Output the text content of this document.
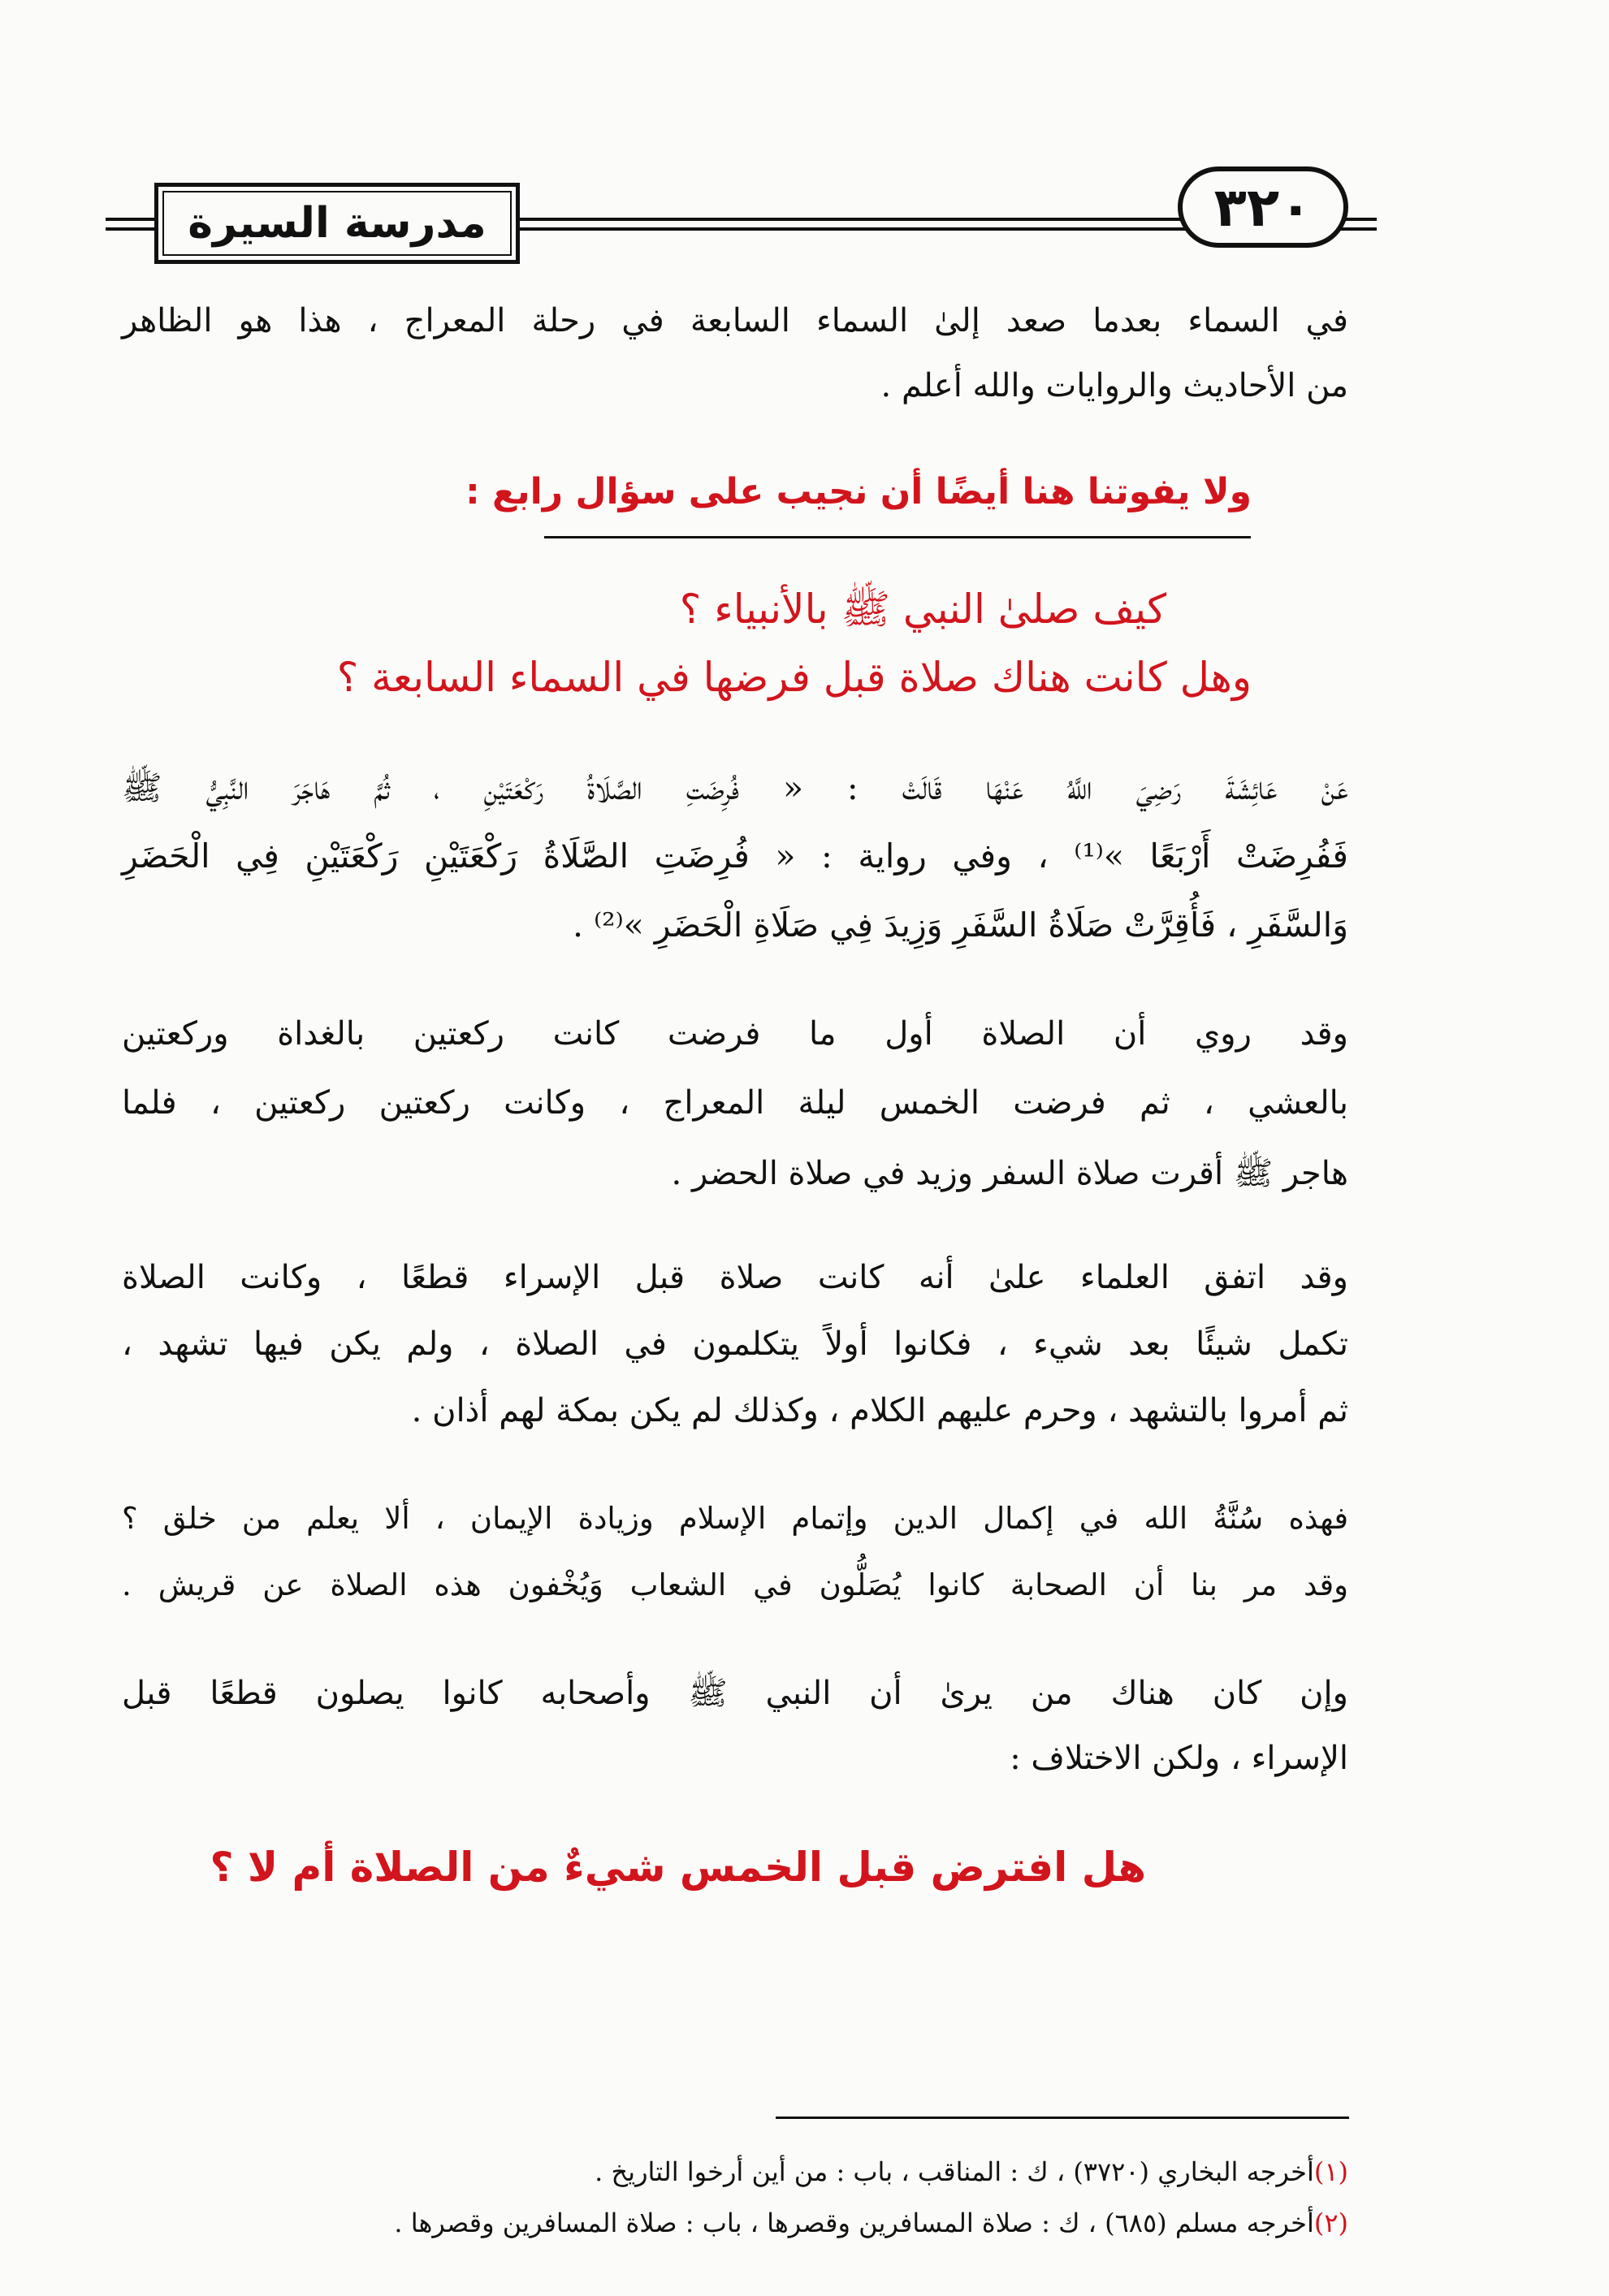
مدرسة السيرة	٣٢٠

في السماء بعدما صعد إلىٰ السماء السابعة في رحلة المعراج ، هذا هو الظاهر

من الأحاديث والروايات والله أعلم .

ولا يفوتنا هنا أيضًا أن نجيب على سؤال رابع :

كيف صلىٰ النبي ﷺ بالأنبياء ؟

وهل كانت هناك صلاة قبل فرضها في السماء السابعة ؟

عَنْ عَائِشَةَ رَضِيَ اللَّهُ عَنْهَا قَالَتْ : « فُرِضَتِ الصَّلَاةُ رَكْعَتَيْنِ ، ثُمَّ هَاجَرَ النَّبِيُّ ﷺ

فَفُرِضَتْ أَرْبَعًا »⁽¹⁾ ، وفي رواية : « فُرِضَتِ الصَّلَاةُ رَكْعَتَيْنِ رَكْعَتَيْنِ فِي الْحَضَرِ

وَالسَّفَرِ ، فَأُقِرَّتْ صَلَاةُ السَّفَرِ وَزِيدَ فِي صَلَاةِ الْحَضَرِ »⁽²⁾ .

وقد روي أن الصلاة أول ما فرضت كانت ركعتين بالغداة وركعتين

بالعشي ، ثم فرضت الخمس ليلة المعراج ، وكانت ركعتين ركعتين ، فلما

هاجر ﷺ أقرت صلاة السفر وزيد في صلاة الحضر .

وقد اتفق العلماء علىٰ أنه كانت صلاة قبل الإسراء قطعًا ، وكانت الصلاة

تكمل شيئًا بعد شيء ، فكانوا أولاً يتكلمون في الصلاة ، ولم يكن فيها تشهد ،

ثم أمروا بالتشهد ، وحرم عليهم الكلام ، وكذلك لم يكن بمكة لهم أذان .

فهذه سُنَّةُ الله في إكمال الدين وإتمام الإسلام وزيادة الإيمان ، ألا يعلم من خلق ؟

وقد مر بنا أن الصحابة كانوا يُصَلُّون في الشعاب وَيُخْفون هذه الصلاة عن قريش .

وإن كان هناك من يرىٰ أن النبي ﷺ وأصحابه كانوا يصلون قطعًا قبل

الإسراء ، ولكن الاختلاف :

هل افترض قبل الخمس شيءٌ من الصلاة أم لا ؟

(١)أخرجه البخاري (٣٧٢٠) ، ك : المناقب ، باب : من أين أرخوا التاريخ .

(٢)أخرجه مسلم (٦٨٥) ، ك : صلاة المسافرين وقصرها ، باب : صلاة المسافرين وقصرها .
